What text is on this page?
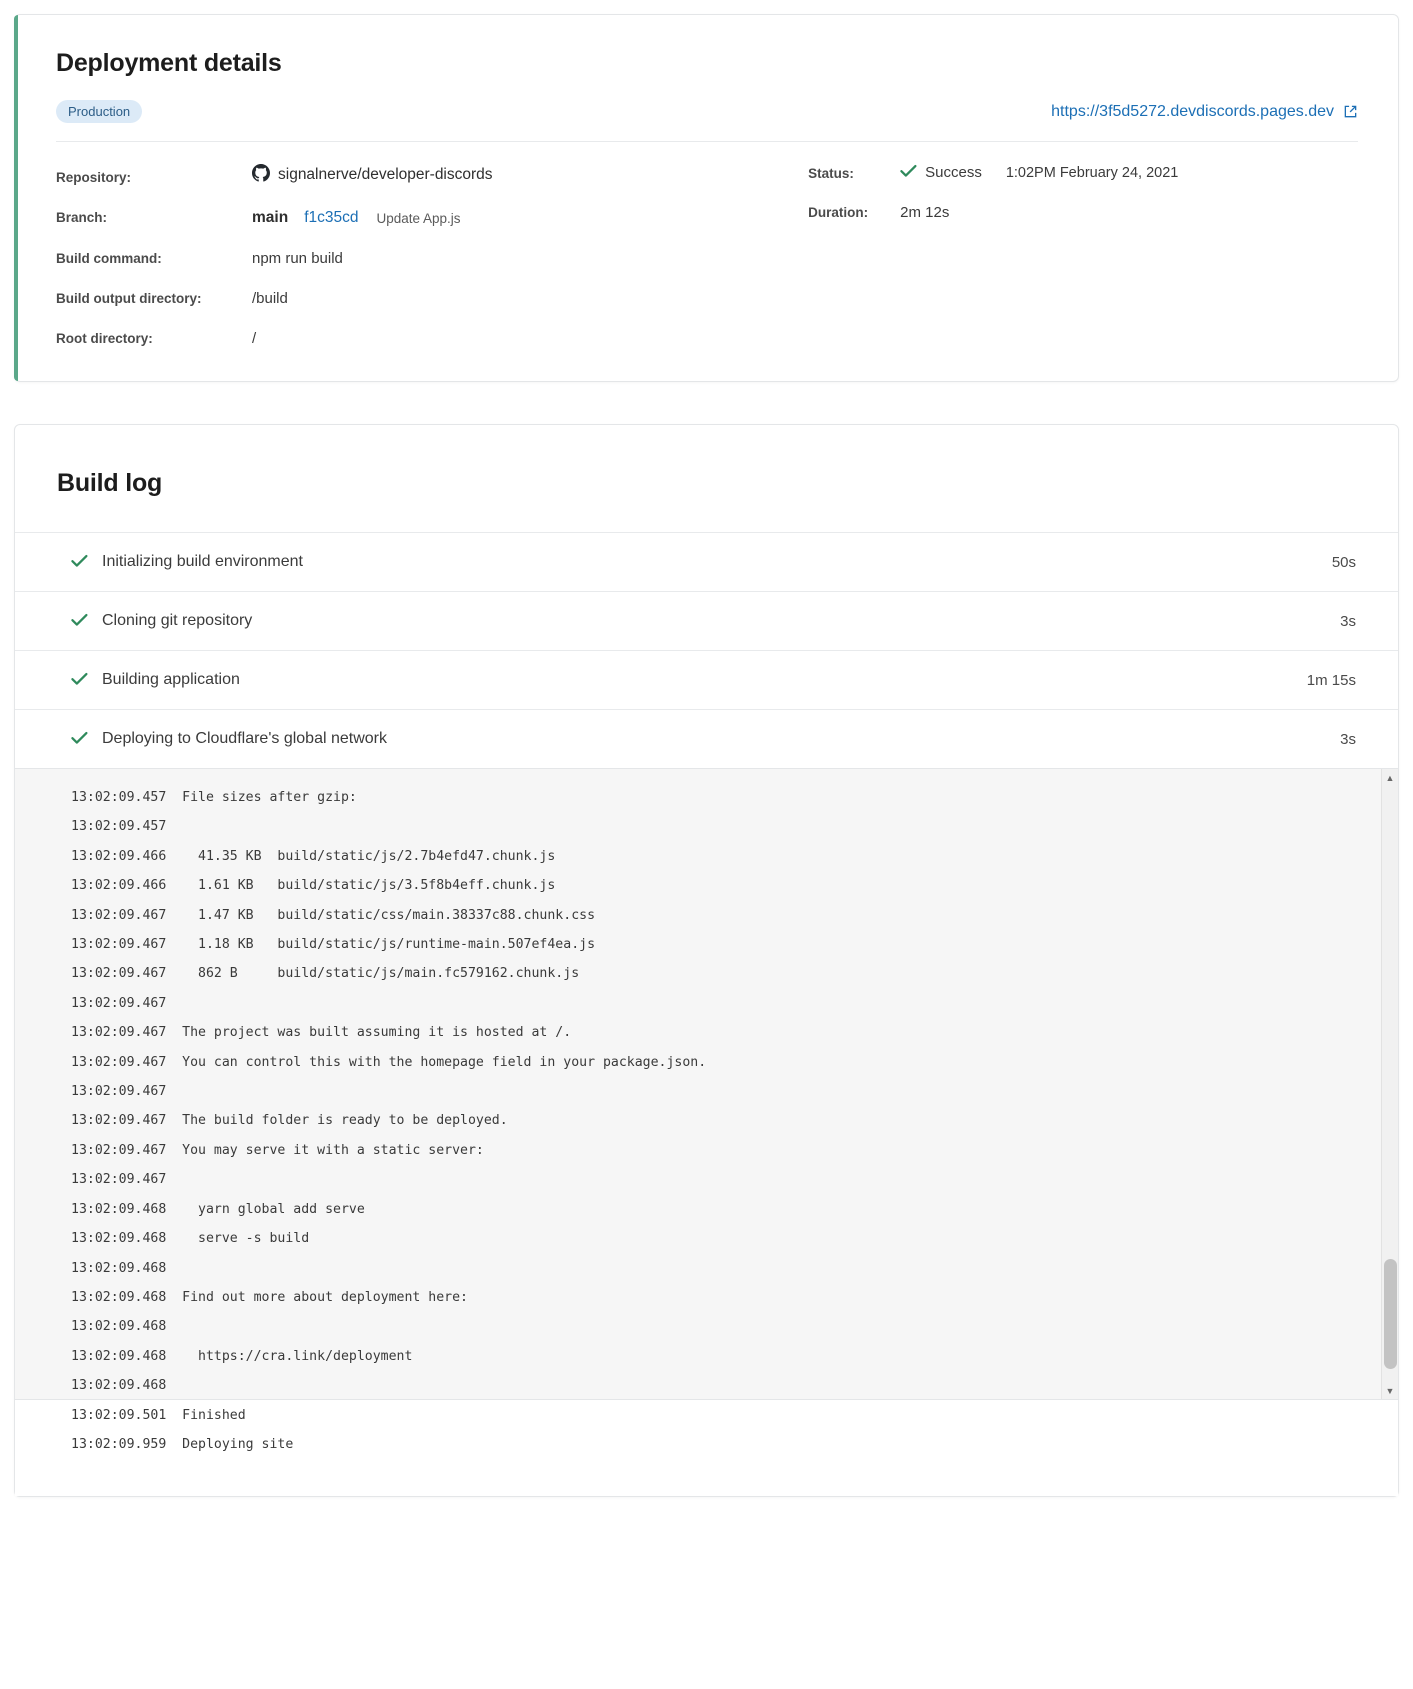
Deployment details
Production	https://3f5d5272.devdiscords.pages.dev
Repository:	signalnerve/developer-discords
Branch:	main f1c35cd Update App.js
Build command:	npm run build
Build output directory:	/build
Root directory:	/
Status:	Success 1:02PM February 24, 2021
Duration:	2m 12s
Build log
Initializing build environment	50s
Cloning git repository	3s
Building application	1m 15s
Deploying to Cloudflare's global network	3s
13:02:09.457  File sizes after gzip:
13:02:09.457
13:02:09.466    41.35 KB  build/static/js/2.7b4efd47.chunk.js
13:02:09.466    1.61 KB   build/static/js/3.5f8b4eff.chunk.js
13:02:09.467    1.47 KB   build/static/css/main.38337c88.chunk.css
13:02:09.467    1.18 KB   build/static/js/runtime-main.507ef4ea.js
13:02:09.467    862 B     build/static/js/main.fc579162.chunk.js
13:02:09.467
13:02:09.467  The project was built assuming it is hosted at /.
13:02:09.467  You can control this with the homepage field in your package.json.
13:02:09.467
13:02:09.467  The build folder is ready to be deployed.
13:02:09.467  You may serve it with a static server:
13:02:09.467
13:02:09.468    yarn global add serve
13:02:09.468    serve -s build
13:02:09.468
13:02:09.468  Find out more about deployment here:
13:02:09.468
13:02:09.468    https://cra.link/deployment
13:02:09.468
13:02:09.501  Finished
13:02:09.959  Deploying site
▲
▼
